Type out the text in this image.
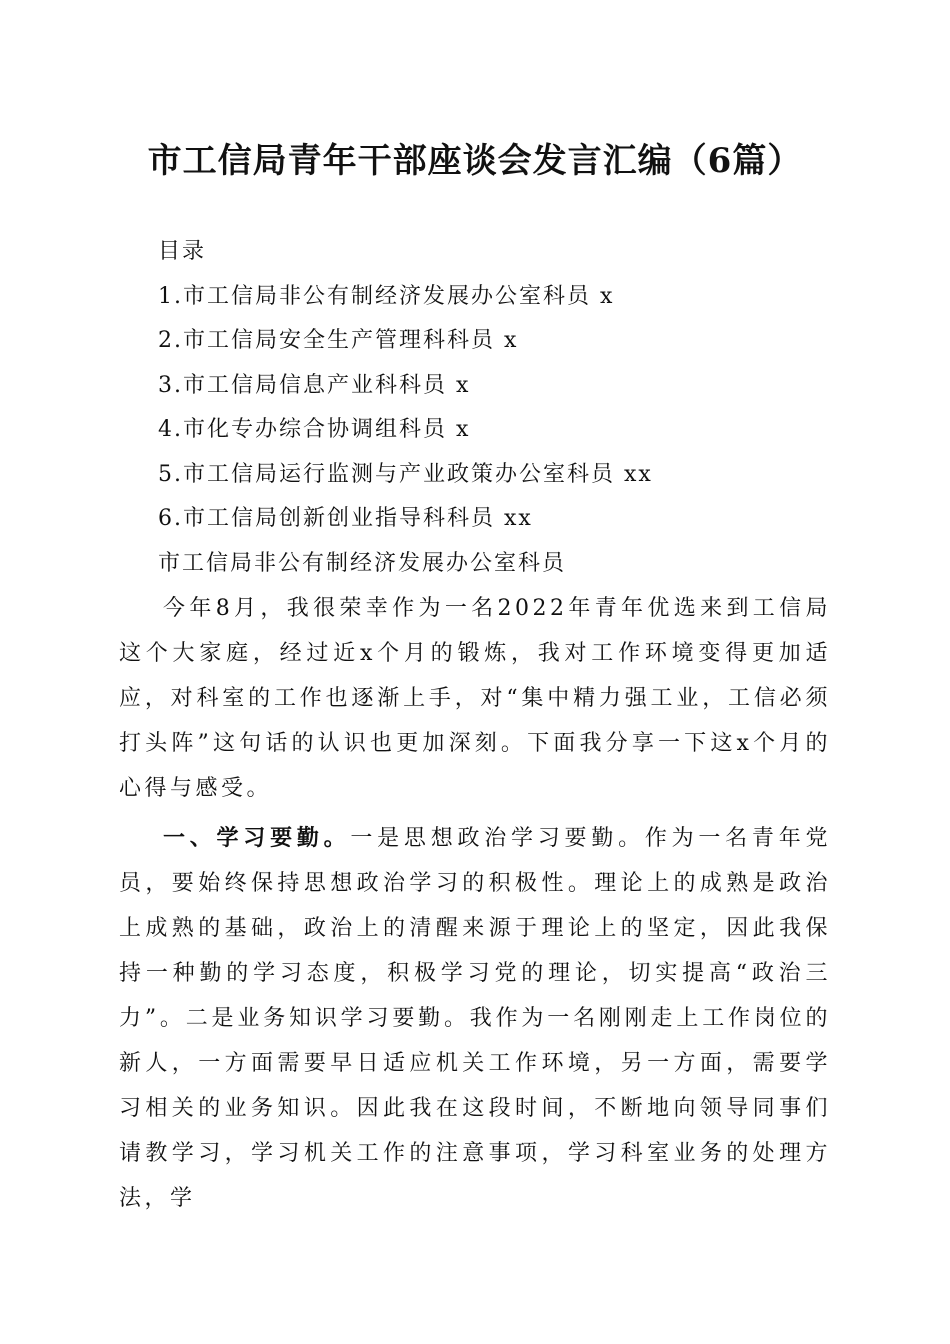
市工信局青年干部座谈会发言汇编（6篇）
目录
1.市工信局非公有制经济发展办公室科员 x
2.市工信局安全生产管理科科员 x
3.市工信局信息产业科科员 x
4.市化专办综合协调组科员 x
5.市工信局运行监测与产业政策办公室科员 xx
6.市工信局创新创业指导科科员 xx
市工信局非公有制经济发展办公室科员

今年8月，我很荣幸作为一名2022年青年优选来到工信局这个大家庭，经过近x个月的锻炼，我对工作环境变得更加适应，对科室的工作也逐渐上手，对“集中精力强工业，工信必须打头阵”这句话的认识也更加深刻。下面我分享一下这x个月的心得与感受。

一、学习要勤。一是思想政治学习要勤。作为一名青年党员，要始终保持思想政治学习的积极性。理论上的成熟是政治上成熟的基础，政治上的清醒来源于理论上的坚定，因此我保持一种勤的学习态度，积极学习党的理论，切实提高“政治三力”。二是业务知识学习要勤。我作为一名刚刚走上工作岗位的新人，一方面需要早日适应机关工作环境，另一方面，需要学习相关的业务知识。因此我在这段时间，不断地向领导同事们请教学习，学习机关工作的注意事项，学习科室业务的处理方法，学
